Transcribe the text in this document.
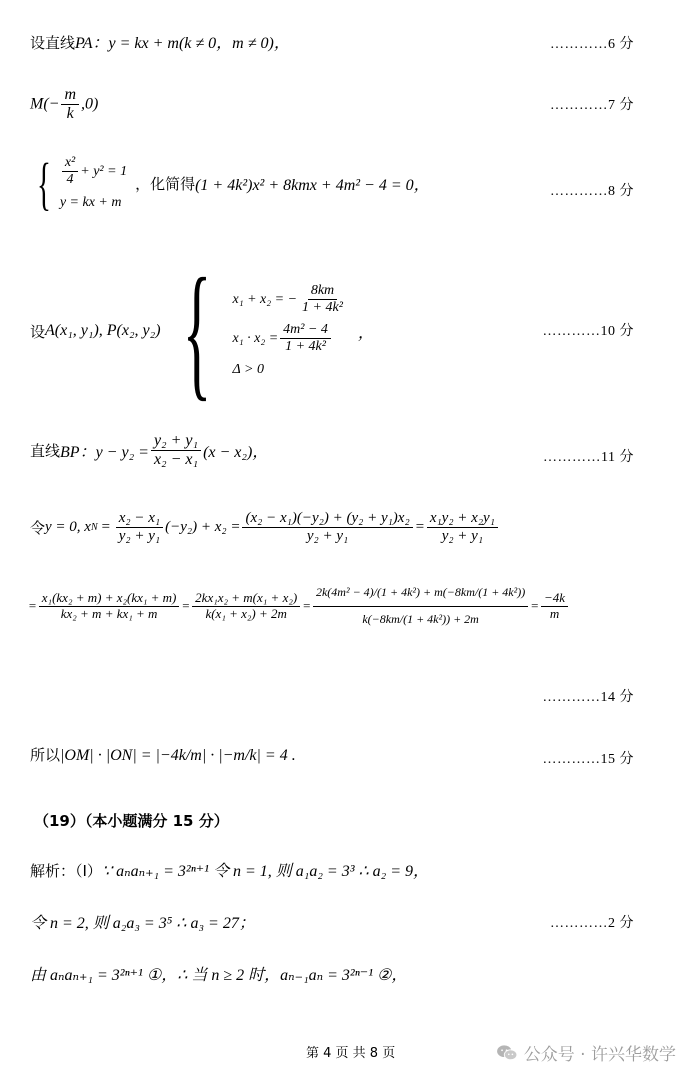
设直线PA：y = kx + m(k ≠ 0，m ≠ 0)，	…………6 分
$M(- \frac{m}{k} ,0)$	…………7 分
{ $\frac{\text{x²}}{4} + y^2 = 1$
y = kx + m
，化简得 (1 + 4k²)x² + 8kmx + 4m² − 4 = 0，	…………8 分
设 A(x₁, y₁), P(x₂, y₂) { x₁ + x₂ = − $\frac{8km}{\text{1 + 4k²}}$
$x_1 \cdot x_2 = \frac{\text{4m² − 4}}{\text{1 + 4k²}}$
Δ > 0
，	…………10 分
直线 BP：$y - y_2 = \frac{\text{y₂ + y₁}}{\text{x₂ − x₁}} (x - x_2)$，	…………11 分
令 y = 0, x $N = \frac{\text{x₂ − x₁}}{\text{y₂ + y₁}} (-y_2) + x_2 = \frac{\text{(x₂ − x₁)(−y₂) + (y₂ + y₁)x₂}}{\text{y₂ + y₁}} = \frac{\text{x₁y₂ + x₂y₁}}{\text{y₂ + y₁}}$
= $\frac{\text{x₁(kx₂ + m) + x₂(kx₁ + m)}}{\text{kx₂ + m + kx₁ + m}} = \frac{\text{2kx₁x₂ + m(x₁ + x₂)}}{\text{k(x₁ + x₂) + 2m}} = \frac{\text{2k(4m² − 4)/(1 + 4k²) + m(−8km/(1 + 4k²))}}{\text{k(−8km/(1 + 4k²)) + 2m}} = \frac{-4k}{m}$
…………14 分
所以|OM| · |ON| = |−4k/m| · |−m/k| = 4 .	…………15 分
（19）（本小题满分 15 分）
解析：（I）∵ aₙaₙ₊₁ = 3²ⁿ⁺¹ 令 n = 1, 则 a₁a₂ = 3³ ∴ a₂ = 9，
令 n = 2, 则 a₂a₃ = 3⁵ ∴ a₃ = 27；	…………2 分
由 aₙaₙ₊₁ = 3²ⁿ⁺¹ ①，∴ 当 n ≥ 2 时，aₙ₋₁aₙ = 3²ⁿ⁻¹ ②，
第 4 页 共 8 页	公众号 · 许兴华数学
